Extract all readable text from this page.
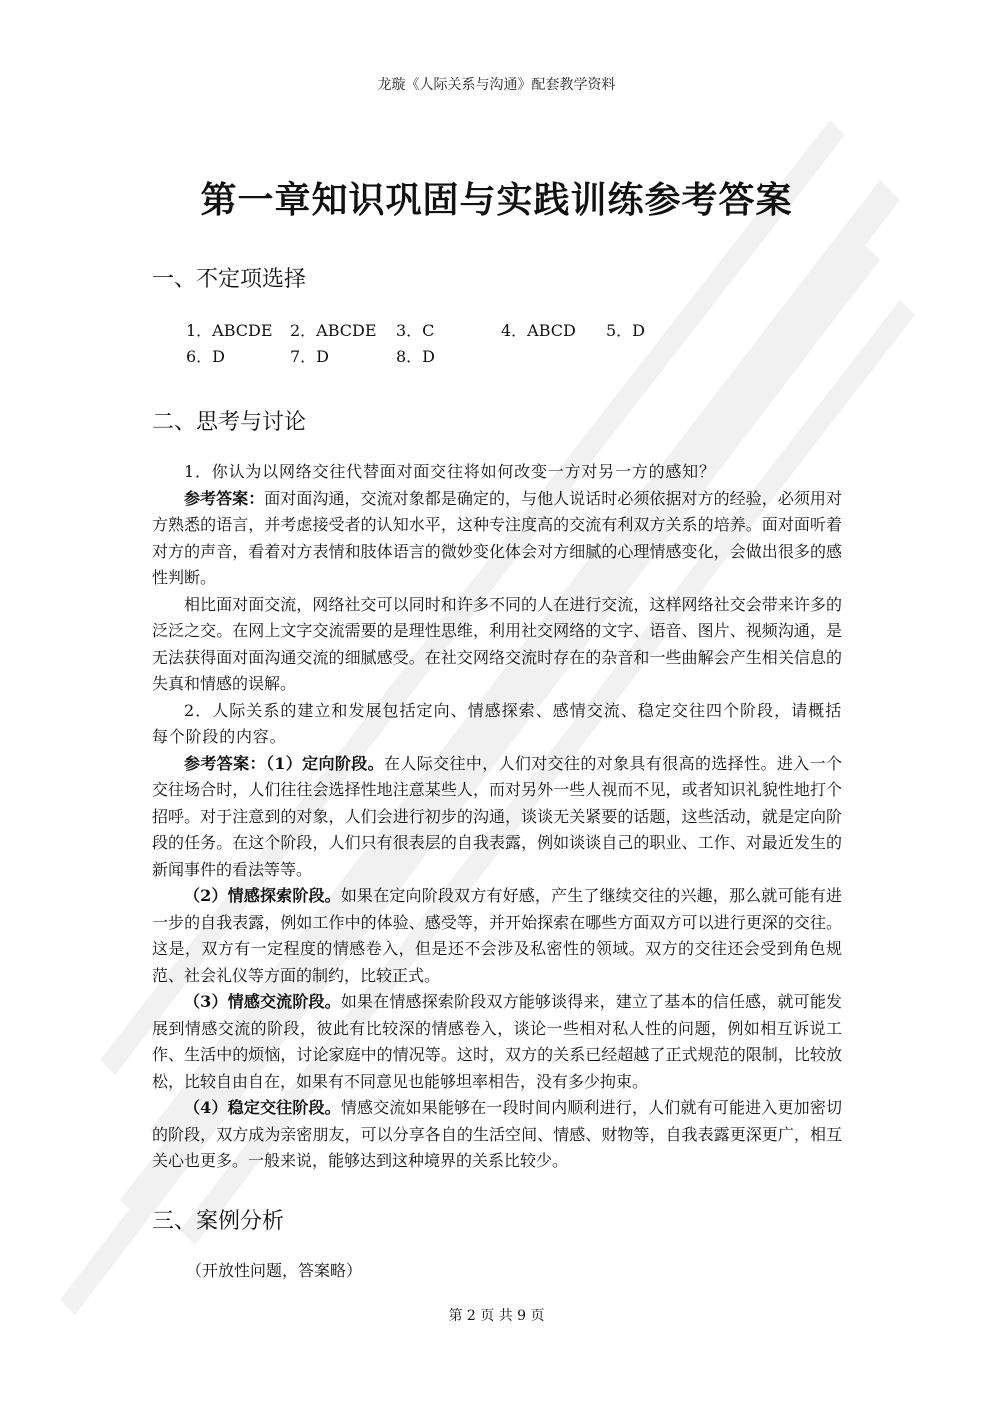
龙璇《人际关系与沟通》配套教学资料
第一章知识巩固与实践训练参考答案
一、不定项选择
1．ABCDE 2．ABCDE 3．C	4．ABCD 5．D
6．D	7．D	8．D
二、思考与讨论

1．你认为以网络交往代替面对面交往将如何改变一方对另一方的感知？

参考答案：面对面沟通，交流对象都是确定的，与他人说话时必须依据对方的经验，必须用对方熟悉的语言，并考虑接受者的认知水平，这种专注度高的交流有利双方关系的培养。面对面听着对方的声音，看着对方表情和肢体语言的微妙变化体会对方细腻的心理情感变化，会做出很多的感性判断。

相比面对面交流，网络社交可以同时和许多不同的人在进行交流，这样网络社交会带来许多的泛泛之交。在网上文字交流需要的是理性思维，利用社交网络的文字、语音、图片、视频沟通，是无法获得面对面沟通交流的细腻感受。在社交网络交流时存在的杂音和一些曲解会产生相关信息的失真和情感的误解。

2．人际关系的建立和发展包括定向、情感探索、感情交流、稳定交往四个阶段，请概括每个阶段的内容。

参考答案：（1）定向阶段。在人际交往中，人们对交往的对象具有很高的选择性。进入一个交往场合时，人们往往会选择性地注意某些人，而对另外一些人视而不见，或者知识礼貌性地打个招呼。对于注意到的对象，人们会进行初步的沟通，谈谈无关紧要的话题，这些活动，就是定向阶段的任务。在这个阶段，人们只有很表层的自我表露，例如谈谈自己的职业、工作、对最近发生的新闻事件的看法等等。

（2）情感探索阶段。如果在定向阶段双方有好感，产生了继续交往的兴趣，那么就可能有进一步的自我表露，例如工作中的体验、感受等，并开始探索在哪些方面双方可以进行更深的交往。这是，双方有一定程度的情感卷入，但是还不会涉及私密性的领域。双方的交往还会受到角色规范、社会礼仪等方面的制约，比较正式。

（3）情感交流阶段。如果在情感探索阶段双方能够谈得来，建立了基本的信任感，就可能发展到情感交流的阶段，彼此有比较深的情感卷入，谈论一些相对私人性的问题，例如相互诉说工作、生活中的烦恼，讨论家庭中的情况等。这时，双方的关系已经超越了正式规范的限制，比较放松，比较自由自在，如果有不同意见也能够坦率相告，没有多少拘束。

（4）稳定交往阶段。情感交流如果能够在一段时间内顺利进行，人们就有可能进入更加密切的阶段，双方成为亲密朋友，可以分享各自的生活空间、情感、财物等，自我表露更深更广，相互关心也更多。一般来说，能够达到这种境界的关系比较少。

三、案例分析
（开放性问题，答案略）
第 2 页 共 9 页
